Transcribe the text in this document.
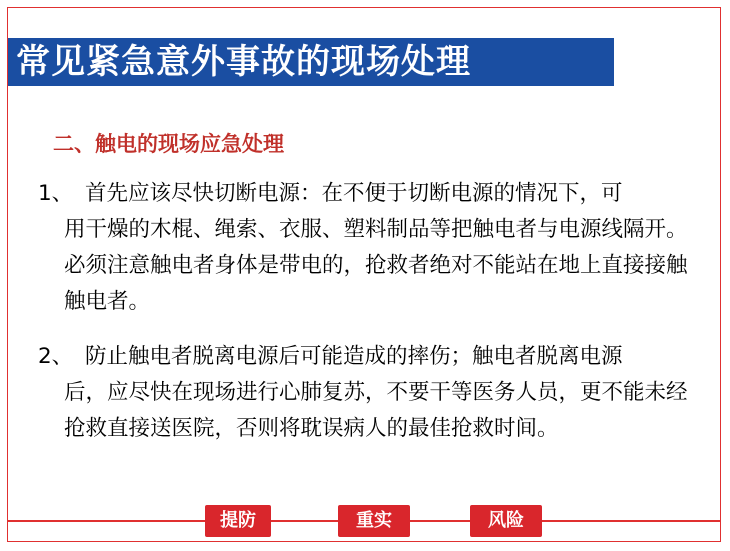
常见紧急意外事故的现场处理
二、触电的现场应急处理
1、 首先应该尽快切断电源：在不便于切断电源的情况下，可
用干燥的木棍、绳索、衣服、塑料制品等把触电者与电源线隔开。必须注意触电者身体是带电的，抢救者绝对不能站在地上直接接触触电者。
2、 防止触电者脱离电源后可能造成的摔伤；触电者脱离电源
后，应尽快在现场进行心肺复苏，不要干等医务人员，更不能未经抢救直接送医院，否则将耽误病人的最佳抢救时间。
提防	重实	风险
